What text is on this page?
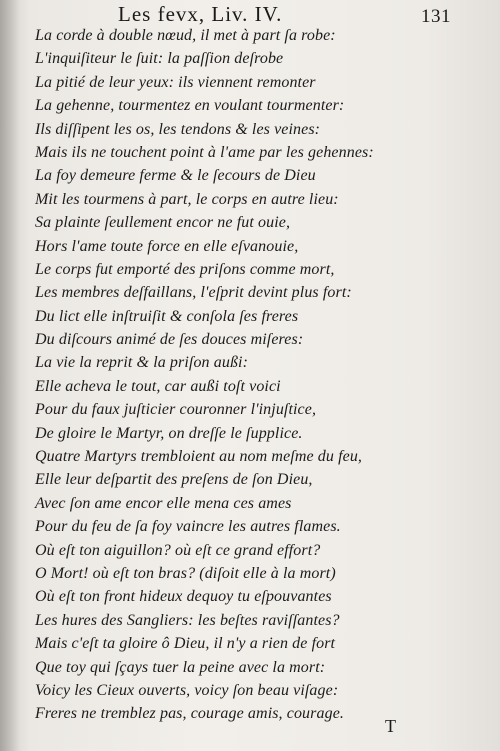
Les fevx, Liv. IV.	131
La corde à double nœud, il met à part ſa robe:
L'inquiſiteur le ſuit: la paſſion deſrobe
La pitié de leur yeux: ils viennent remonter
La gehenne, tourmentez en voulant tourmenter:
Ils diſſipent les os, les tendons & les veines:
Mais ils ne touchent point à l'ame par les gehennes:
La foy demeure ferme & le ſecours de Dieu
Mit les tourmens à part, le corps en autre lieu:
Sa plainte ſeullement encor ne fut ouie,
Hors l'ame toute force en elle eſvanouie,
Le corps fut emporté des priſons comme mort,
Les membres deſfaillans, l'eſprit devint plus fort:
Du lict elle inſtruiſit & conſola ſes freres
Du diſcours animé de ſes douces miſeres:
La vie la reprit & la priſon außi:
Elle acheva le tout, car außi toſt voici
Pour du faux juſticier couronner l'injuſtice,
De gloire le Martyr, on dreſſe le ſupplice.
Quatre Martyrs trembloient au nom meſme du feu,
Elle leur deſpartit des preſens de ſon Dieu,
Avec ſon ame encor elle mena ces ames
Pour du feu de ſa foy vaincre les autres flames.
Où eſt ton aiguillon? où eſt ce grand effort?
O Mort! où eſt ton bras? (diſoit elle à la mort)
Où eſt ton front hideux dequoy tu eſpouvantes
Les hures des Sangliers: les beſtes raviſſantes?
Mais c'eſt ta gloire ô Dieu, il n'y a rien de fort
Que toy qui ſçays tuer la peine avec la mort:
Voicy les Cieux ouverts, voicy ſon beau viſage:
Freres ne tremblez pas, courage amis, courage.
T
